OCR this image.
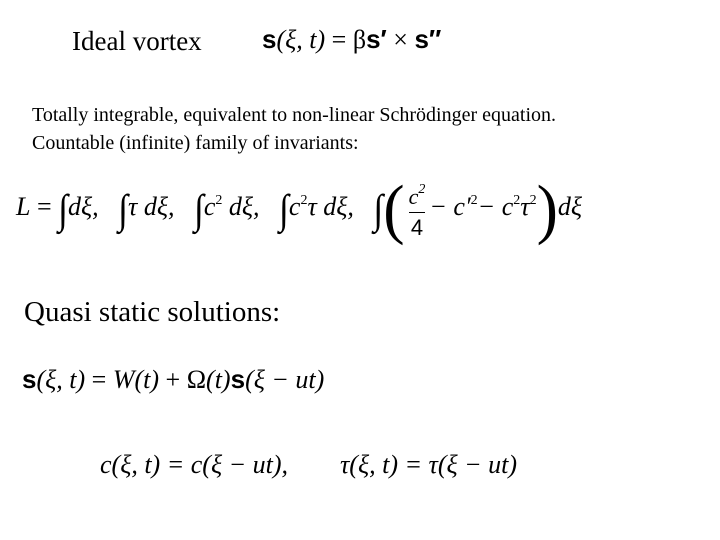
Ideal vortex s(ξ, t) = βs′ × s″
Totally integrable, equivalent to non-linear Schrödinger equation.
Countable (infinite) family of invariants:
L = ∫dξ, ∫τ dξ, $\int c^2$ dξ, $\int c^2\tau$ dξ, ∫( $\frac{c^2}{4} - c'^2- c^2\tau^2)d\xi$
Quasi static solutions:
s(ξ, t) = W(t) + Ω(t)s(ξ − ut)
c(ξ, t) = c(ξ − ut), τ(ξ, t) = τ(ξ − ut)
